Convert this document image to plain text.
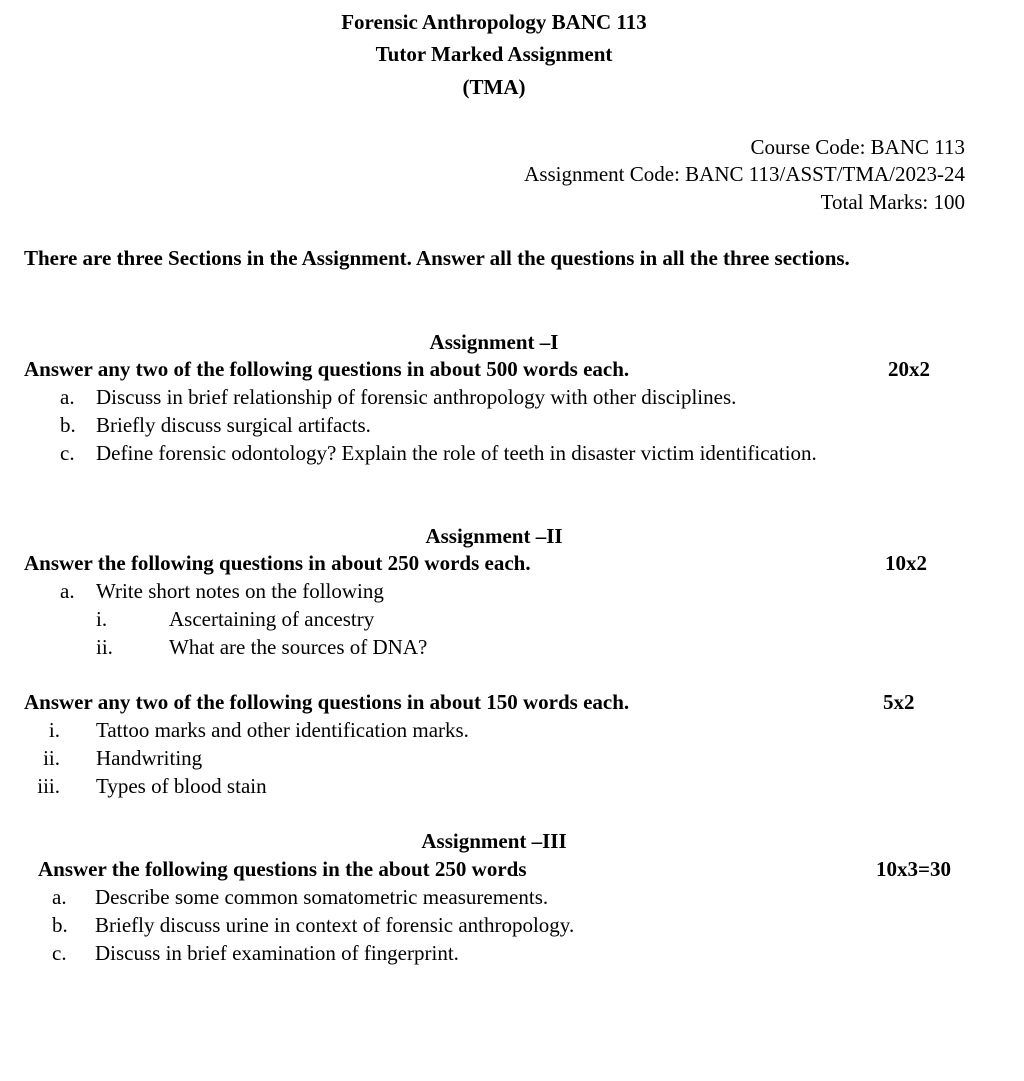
Forensic Anthropology BANC 113
Tutor Marked Assignment
(TMA)
Course Code: BANC 113
Assignment Code: BANC 113/ASST/TMA/2023-24
Total Marks: 100
There are three Sections in the Assignment. Answer all the questions in all the three sections.
Assignment –I
Answer any two of the following questions in about 500 words each.	20x2
a. Discuss in brief relationship of forensic anthropology with other disciplines.
b. Briefly discuss surgical artifacts.
c. Define forensic odontology? Explain the role of teeth in disaster victim identification.
Assignment –II
Answer the following questions in about 250 words each.	10x2
a. Write short notes on the following
i.	Ascertaining of ancestry
ii.	What are the sources of DNA?
Answer any two of the following questions in about 150 words each.	5x2
i. Tattoo marks and other identification marks.
ii. Handwriting
iii. Types of blood stain
Assignment –III
Answer the following questions in the about 250 words	10x3=30
a. Describe some common somatometric measurements.
b. Briefly discuss urine in context of forensic anthropology.
c. Discuss in brief examination of fingerprint.
